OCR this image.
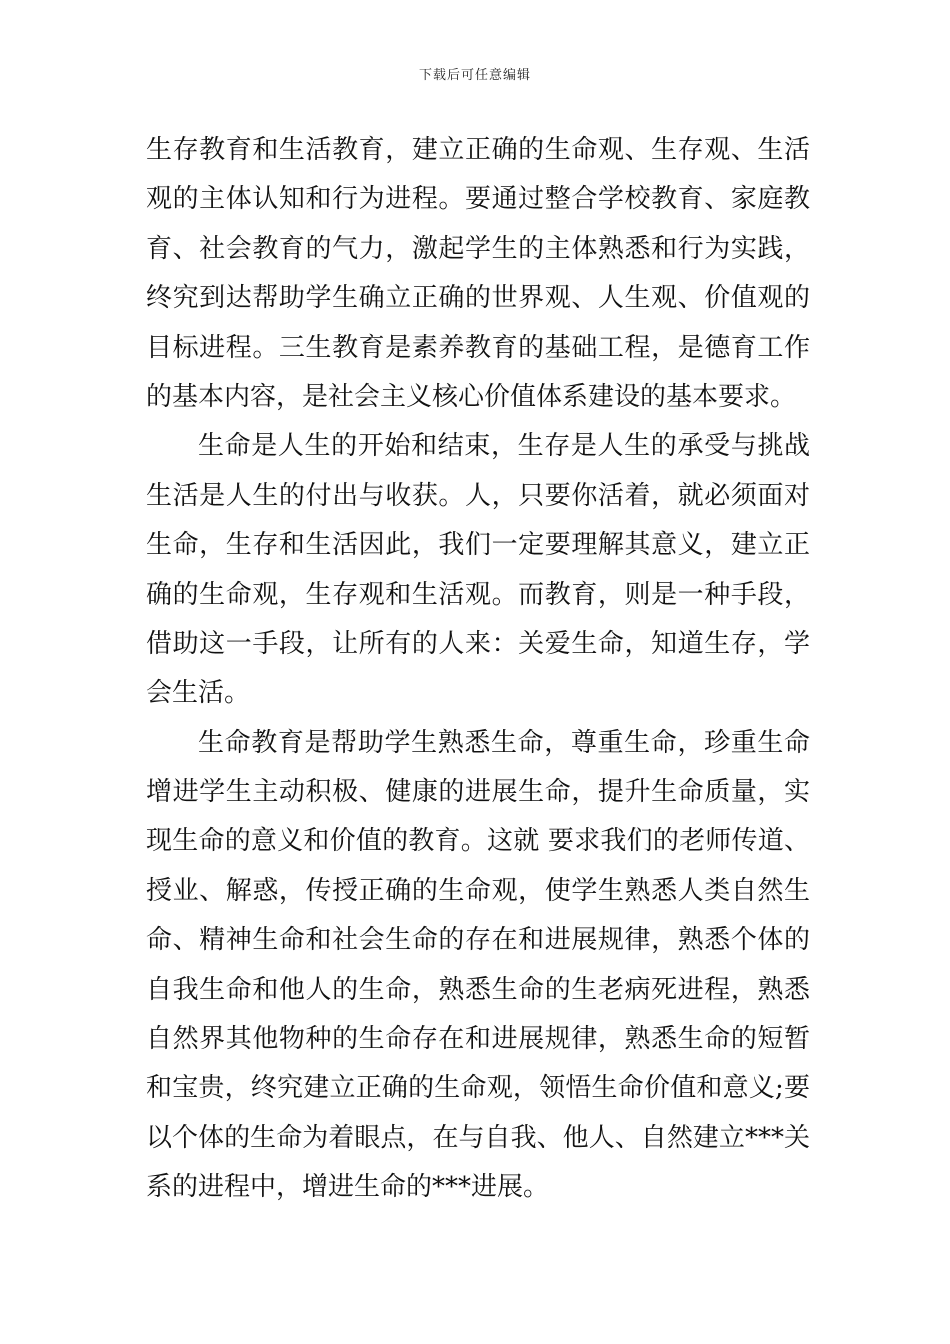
下载后可任意编辑
生存教育和生活教育，建立正确的生命观、生存观、生活
观的主体认知和行为进程。要通过整合学校教育、家庭教
育、社会教育的气力，激起学生的主体熟悉和行为实践，
终究到达帮助学生确立正确的世界观、人生观、价值观的
目标进程。三生教育是素养教育的基础工程，是德育工作
的基本内容，是社会主义核心价值体系建设的基本要求。
生命是人生的开始和结束，生存是人生的承受与挑战
生活是人生的付出与收获。人，只要你活着，就必须面对
生命，生存和生活因此，我们一定要理解其意义，建立正
确的生命观，生存观和生活观。而教育，则是一种手段，
借助这一手段，让所有的人来：关爱生命，知道生存，学
会生活。
生命教育是帮助学生熟悉生命，尊重生命，珍重生命
增进学生主动积极、健康的进展生命，提升生命质量，实
现生命的意义和价值的教育。这就 要求我们的老师传道、
授业、解惑，传授正确的生命观，使学生熟悉人类自然生
命、精神生命和社会生命的存在和进展规律，熟悉个体的
自我生命和他人的生命，熟悉生命的生老病死进程，熟悉
自然界其他物种的生命存在和进展规律，熟悉生命的短暂
和宝贵，终究建立正确的生命观，领悟生命价值和意义;要
以个体的生命为着眼点，在与自我、他人、自然建立***关
系的进程中，增进生命的***进展。
